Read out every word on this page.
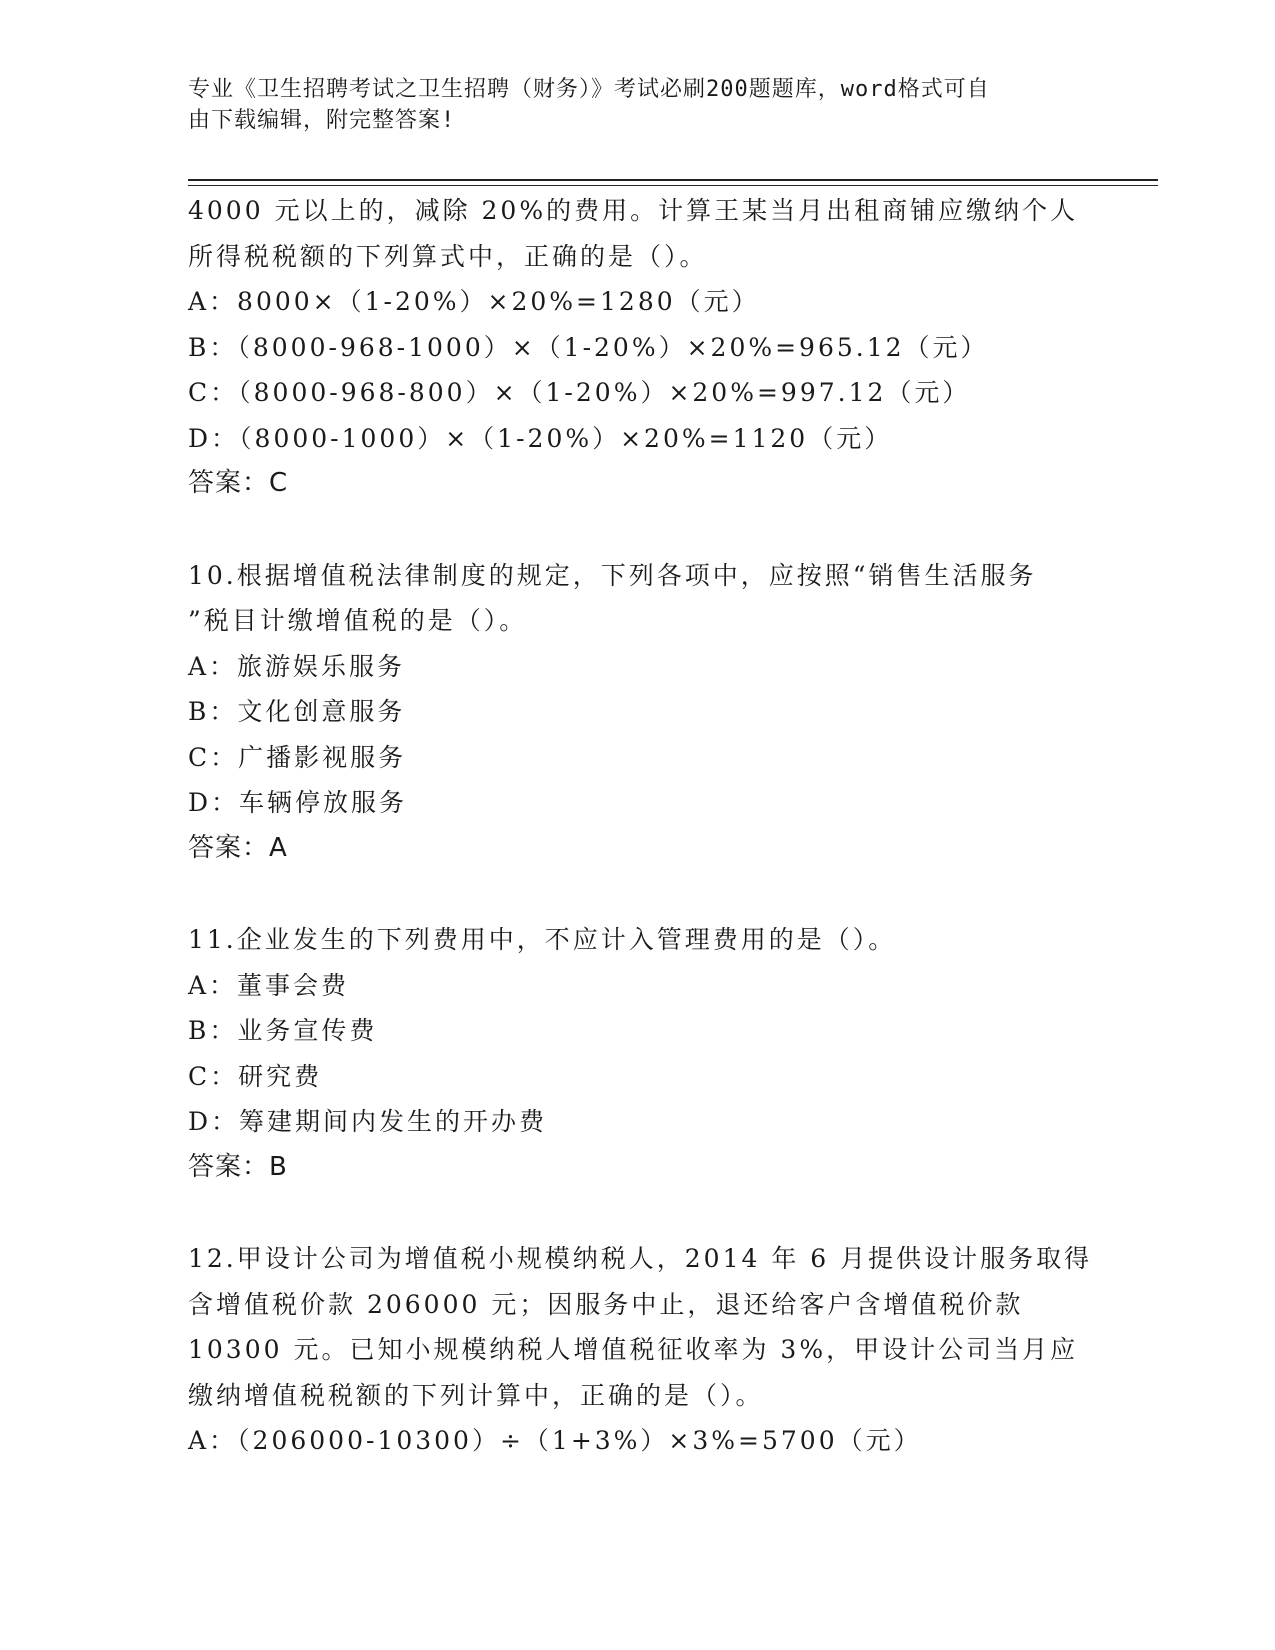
专业《卫生招聘考试之卫生招聘（财务）》考试必刷200题题库，word格式可自
由下载编辑，附完整答案!
4000 元以上的，减除 20%的费用。计算王某当月出租商铺应缴纳个人
所得税税额的下列算式中，正确的是（）。
A：8000×（1-20%）×20%=1280（元）
B：（8000-968-1000）×（1-20%）×20%=965.12（元）
C：（8000-968-800）×（1-20%）×20%=997.12（元）
D：（8000-1000）×（1-20%）×20%=1120（元）
答案：C
10.根据增值税法律制度的规定，下列各项中，应按照“销售生活服务
”税目计缴增值税的是（）。
A：旅游娱乐服务
B：文化创意服务
C：广播影视服务
D：车辆停放服务
答案：A
11.企业发生的下列费用中，不应计入管理费用的是（）。
A：董事会费
B：业务宣传费
C：研究费
D：筹建期间内发生的开办费
答案：B
12.甲设计公司为增值税小规模纳税人，2014 年 6 月提供设计服务取得
含增值税价款 206000 元；因服务中止，退还给客户含增值税价款
10300 元。已知小规模纳税人增值税征收率为 3%，甲设计公司当月应
缴纳增值税税额的下列计算中，正确的是（）。
A：（206000-10300）÷（1+3%）×3%=5700（元）
